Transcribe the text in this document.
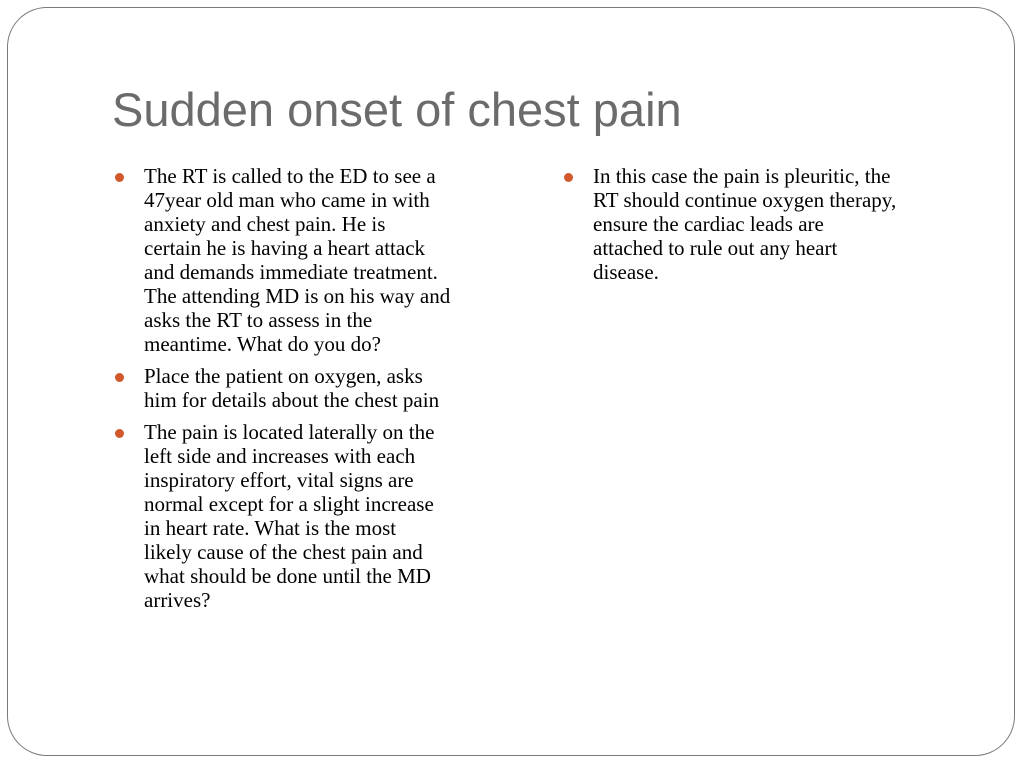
Sudden onset of chest pain
The RT is called to the ED to see a
47year old man who came in with
anxiety and chest pain. He is
certain he is having a heart attack
and demands immediate treatment.
The attending MD is on his way and
asks the RT to assess in the
meantime. What do you do?
Place the patient on oxygen, asks
him for details about the chest pain
The pain is located laterally on the
left side and increases with each
inspiratory effort, vital signs are
normal except for a slight increase
in heart rate. What is the most
likely cause of the chest pain and
what should be done until the MD
arrives?
In this case the pain is pleuritic, the
RT should continue oxygen therapy,
ensure the cardiac leads are
attached to rule out any heart
disease.
